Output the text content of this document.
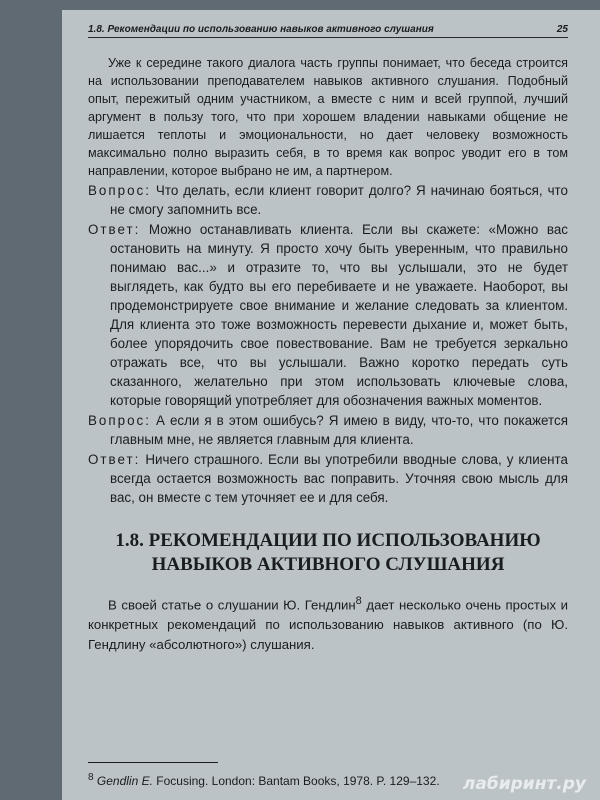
1.8. Рекомендации по использованию навыков активного слушания	25

Уже к середине такого диалога часть группы понимает, что беседа строится на использовании преподавателем навыков активного слушания. Подобный опыт, пережитый одним участником, а вместе с ним и всей группой, лучший аргумент в пользу того, что при хорошем владении навыками общение не лишается теплоты и эмоциональности, но дает человеку возможность максимально полно выразить себя, в то время как вопрос уводит его в том направлении, которое выбрано не им, а партнером.

Вопрос: Что делать, если клиент говорит долго? Я начинаю бояться, что не смогу запомнить все.

Ответ: Можно останавливать клиента. Если вы скажете: «Можно вас остановить на минуту. Я просто хочу быть уверенным, что правильно понимаю вас...» и отразите то, что вы услышали, это не будет выглядеть, как будто вы его перебиваете и не уважаете. Наоборот, вы продемонстрируете свое внимание и желание следовать за клиентом. Для клиента это тоже возможность перевести дыхание и, может быть, более упорядочить свое повествование. Вам не требуется зеркально отражать все, что вы услышали. Важно коротко передать суть сказанного, желательно при этом использовать ключевые слова, которые говорящий употребляет для обозначения важных моментов.

Вопрос: А если я в этом ошибусь? Я имею в виду, что-то, что покажется главным мне, не является главным для клиента.

Ответ: Ничего страшного. Если вы употребили вводные слова, у клиента всегда остается возможность вас поправить. Уточняя свою мысль для вас, он вместе с тем уточняет ее и для себя.

1.8. РЕКОМЕНДАЦИИ ПО ИСПОЛЬЗОВАНИЮ
НАВЫКОВ АКТИВНОГО СЛУШАНИЯ

В своей статье о слушании Ю. Гендлин$^8$ дает несколько очень простых и конкретных рекомендаций по использованию навыков активного (по Ю. Гендлину «абсолютного») слушания.

$^8$ Gendlin E. Focusing. London: Bantam Books, 1978. P. 129–132.	лабиринт.ру
